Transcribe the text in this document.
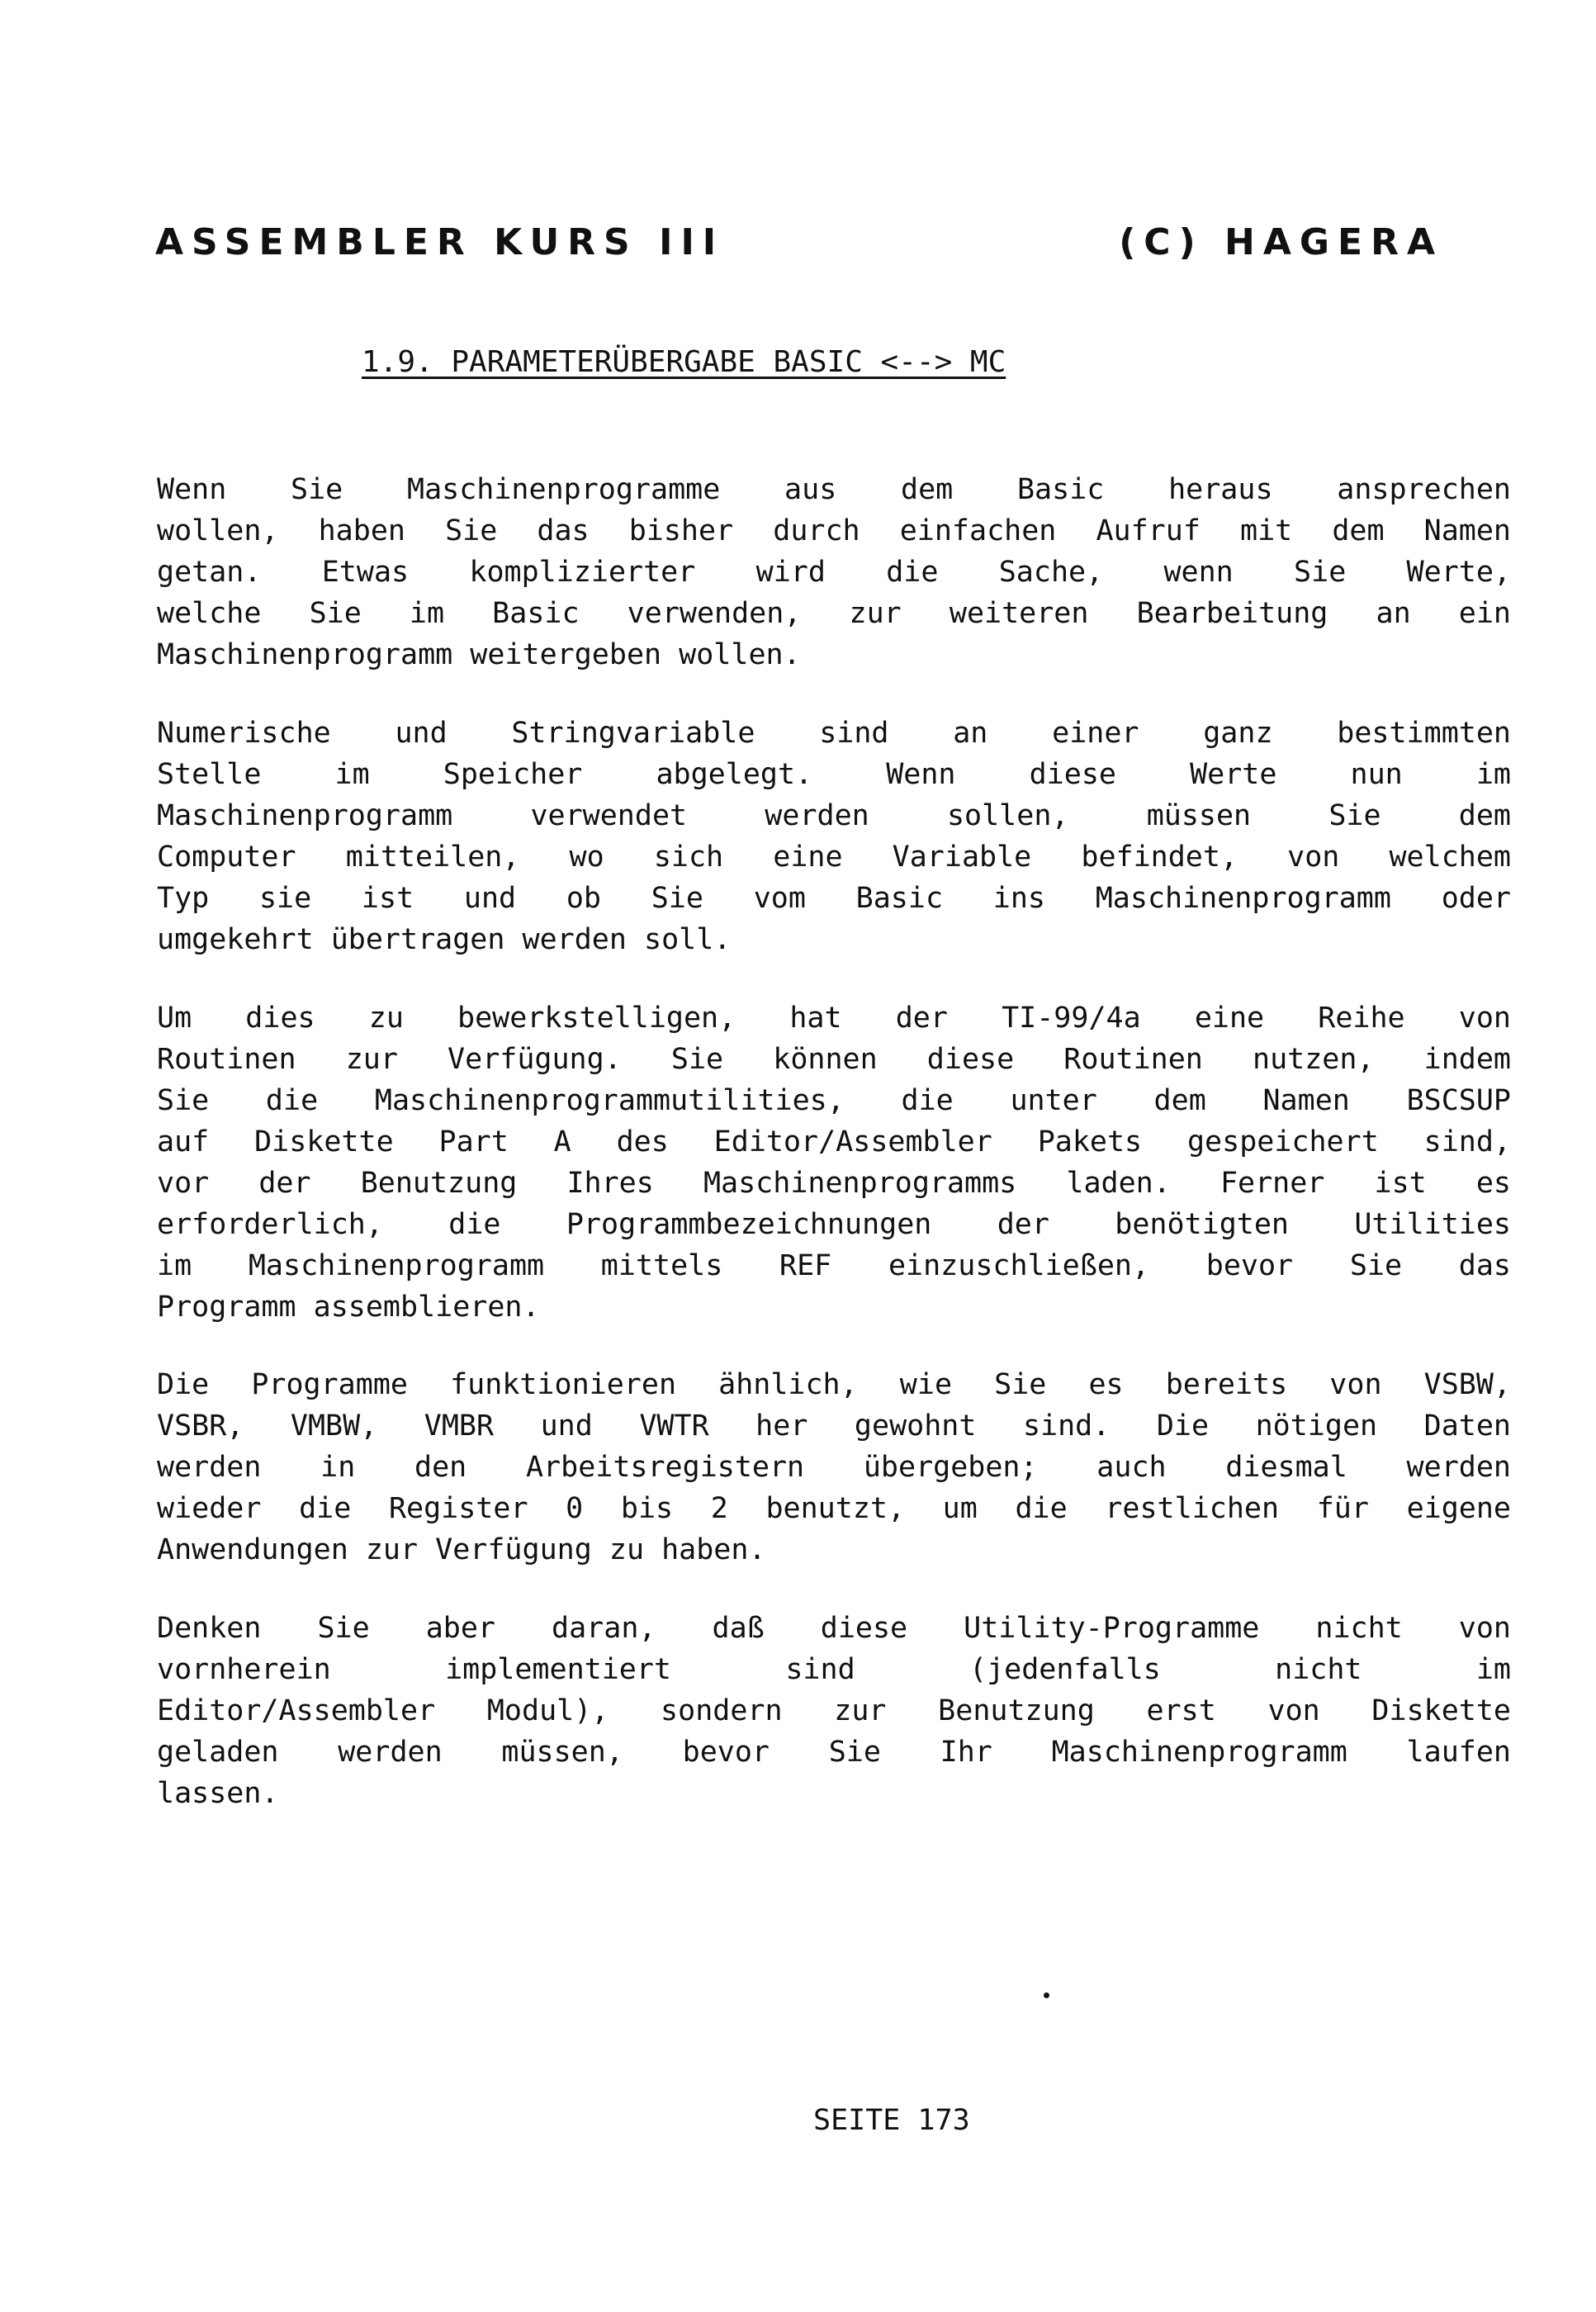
ASSEMBLER KURS III	(C) HAGERA
1.9. PARAMETERÜBERGABE BASIC <--> MC
Wenn Sie Maschinenprogramme aus dem Basic heraus ansprechen
wollen, haben Sie das bisher durch einfachen Aufruf mit dem Namen
getan. Etwas komplizierter wird die Sache, wenn Sie Werte,
welche Sie im Basic verwenden, zur weiteren Bearbeitung an ein
Maschinenprogramm weitergeben wollen.
Numerische und Stringvariable sind an einer ganz bestimmten
Stelle im Speicher abgelegt. Wenn diese Werte nun im
Maschinenprogramm verwendet werden sollen, müssen Sie dem
Computer mitteilen, wo sich eine Variable befindet, von welchem
Typ sie ist und ob Sie vom Basic ins Maschinenprogramm oder
umgekehrt übertragen werden soll.
Um dies zu bewerkstelligen, hat der TI-99/4a eine Reihe von
Routinen zur Verfügung. Sie können diese Routinen nutzen, indem
Sie die Maschinenprogrammutilities, die unter dem Namen BSCSUP
auf Diskette Part A des Editor/Assembler Pakets gespeichert sind,
vor der Benutzung Ihres Maschinenprogramms laden. Ferner ist es
erforderlich, die Programmbezeichnungen der benötigten Utilities
im Maschinenprogramm mittels REF einzuschließen, bevor Sie das
Programm assemblieren.
Die Programme funktionieren ähnlich, wie Sie es bereits von VSBW,
VSBR, VMBW, VMBR und VWTR her gewohnt sind. Die nötigen Daten
werden in den Arbeitsregistern übergeben; auch diesmal werden
wieder die Register 0 bis 2 benutzt, um die restlichen für eigene
Anwendungen zur Verfügung zu haben.
Denken Sie aber daran, daß diese Utility-Programme nicht von
vornherein implementiert sind (jedenfalls nicht im
Editor/Assembler Modul), sondern zur Benutzung erst von Diskette
geladen werden müssen, bevor Sie Ihr Maschinenprogramm laufen
lassen.
SEITE 173
